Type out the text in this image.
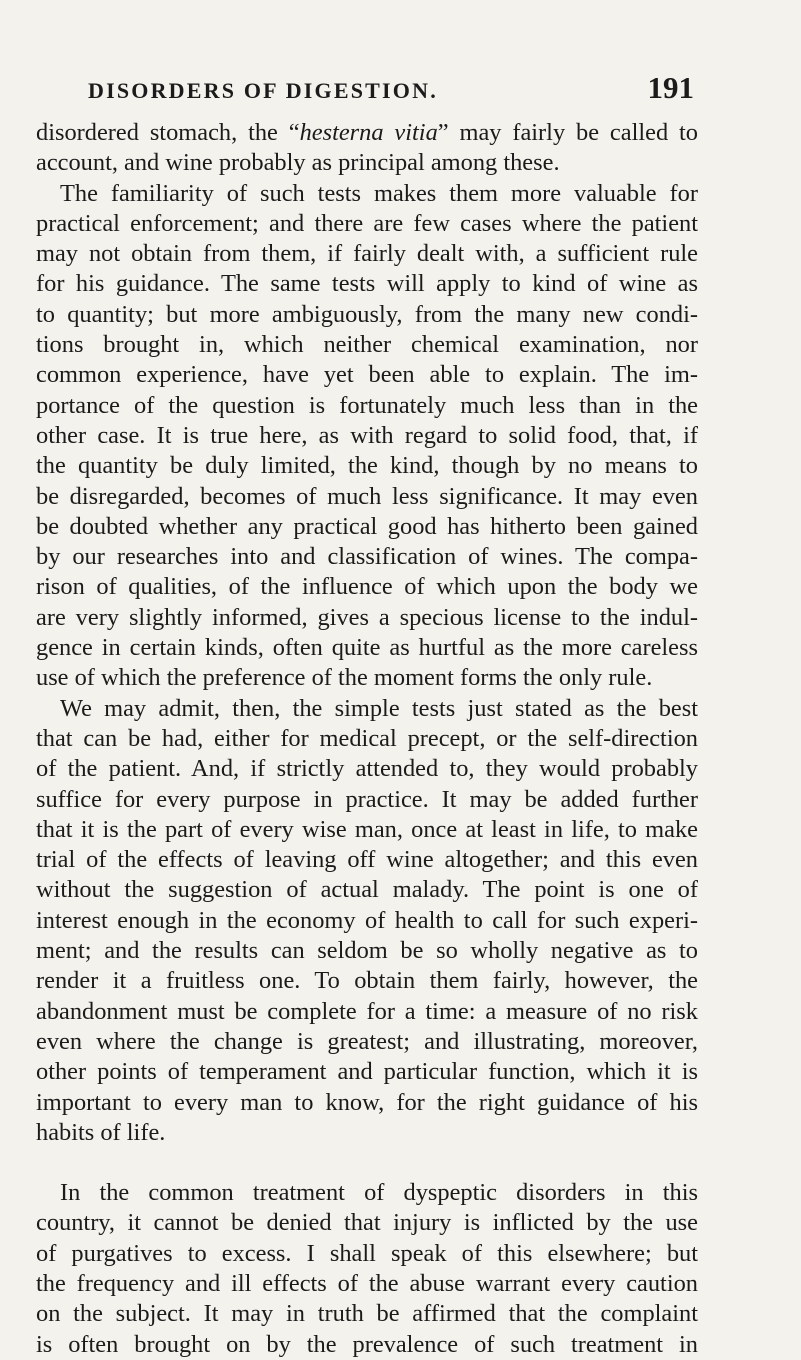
DISORDERS OF DIGESTION.	191
disordered stomach, the “hesterna vitia” may fairly be called to
account, and wine probably as principal among these.
The familiarity of such tests makes them more valuable for
practical enforcement; and there are few cases where the patient
may not obtain from them, if fairly dealt with, a sufficient rule
for his guidance. The same tests will apply to kind of wine as
to quantity; but more ambiguously, from the many new condi-
tions brought in, which neither chemical examination, nor
common experience, have yet been able to explain. The im-
portance of the question is fortunately much less than in the
other case. It is true here, as with regard to solid food, that, if
the quantity be duly limited, the kind, though by no means to
be disregarded, becomes of much less significance. It may even
be doubted whether any practical good has hitherto been gained
by our researches into and classification of wines. The compa-
rison of qualities, of the influence of which upon the body we
are very slightly informed, gives a specious license to the indul-
gence in certain kinds, often quite as hurtful as the more careless
use of which the preference of the moment forms the only rule.
We may admit, then, the simple tests just stated as the best
that can be had, either for medical precept, or the self-direction
of the patient. And, if strictly attended to, they would probably
suffice for every purpose in practice. It may be added further
that it is the part of every wise man, once at least in life, to make
trial of the effects of leaving off wine altogether; and this even
without the suggestion of actual malady. The point is one of
interest enough in the economy of health to call for such experi-
ment; and the results can seldom be so wholly negative as to
render it a fruitless one. To obtain them fairly, however, the
abandonment must be complete for a time: a measure of no risk
even where the change is greatest; and illustrating, moreover,
other points of temperament and particular function, which it is
important to every man to know, for the right guidance of his
habits of life.
In the common treatment of dyspeptic disorders in this
country, it cannot be denied that injury is inflicted by the use
of purgatives to excess. I shall speak of this elsewhere; but
the frequency and ill effects of the abuse warrant every caution
on the subject. It may in truth be affirmed that the complaint
is often brought on by the prevalence of such treatment in
